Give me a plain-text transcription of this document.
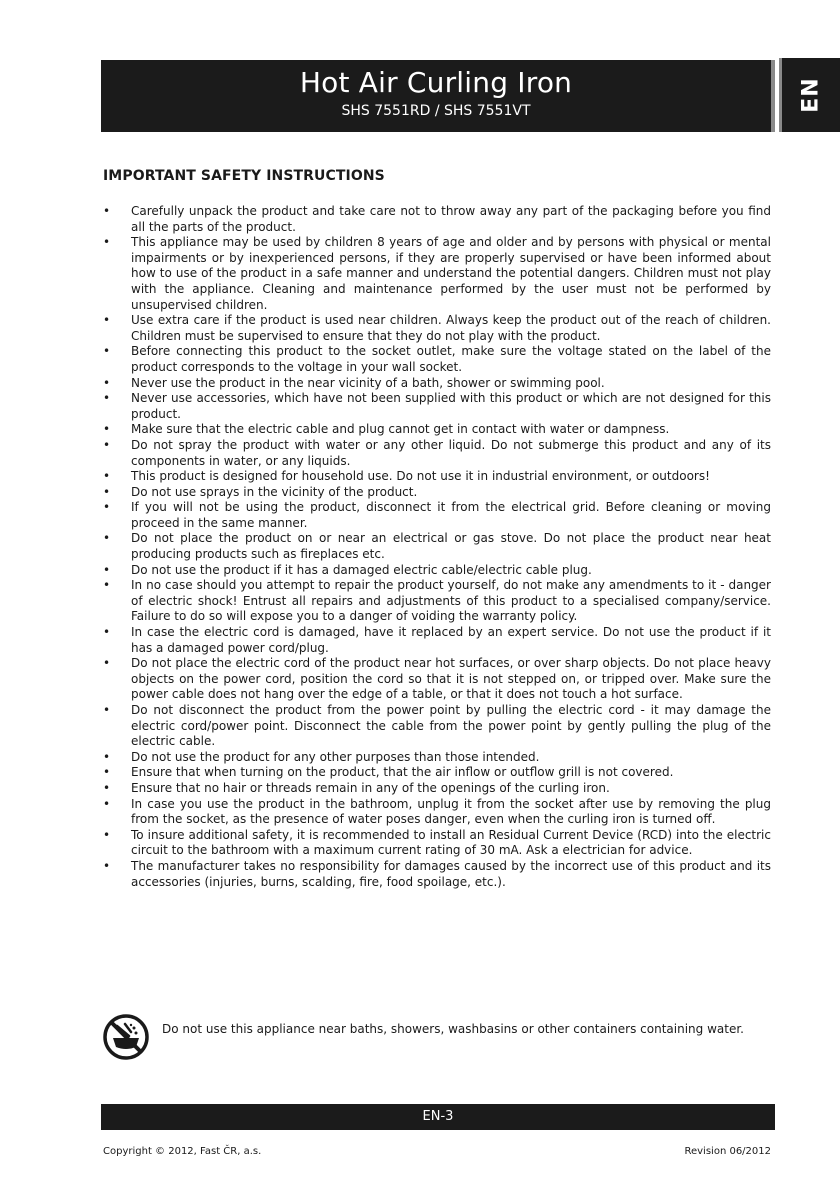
Hot Air Curling Iron
SHS 7551RD / SHS 7551VT	EN
IMPORTANT SAFETY INSTRUCTIONS
• Carefully unpack the product and take care not to throw away any part of the packaging before you find all the parts of the product.
• This appliance may be used by children 8 years of age and older and by persons with physical or mental impairments or by inexperienced persons, if they are properly supervised or have been informed about how to use of the product in a safe manner and understand the potential dangers. Children must not play with the appliance. Cleaning and maintenance performed by the user must not be performed by unsupervised children.
• Use extra care if the product is used near children. Always keep the product out of the reach of children. Children must be supervised to ensure that they do not play with the product.
• Before connecting this product to the socket outlet, make sure the voltage stated on the label of the product corresponds to the voltage in your wall socket.
• Never use the product in the near vicinity of a bath, shower or swimming pool.
• Never use accessories, which have not been supplied with this product or which are not designed for this product.
• Make sure that the electric cable and plug cannot get in contact with water or dampness.
• Do not spray the product with water or any other liquid. Do not submerge this product and any of its components in water, or any liquids.
• This product is designed for household use. Do not use it in industrial environment, or outdoors!
• Do not use sprays in the vicinity of the product.
• If you will not be using the product, disconnect it from the electrical grid. Before cleaning or moving proceed in the same manner.
• Do not place the product on or near an electrical or gas stove. Do not place the product near heat producing products such as fireplaces etc.
• Do not use the product if it has a damaged electric cable/electric cable plug.
• In no case should you attempt to repair the product yourself, do not make any amendments to it - danger of electric shock! Entrust all repairs and adjustments of this product to a specialised company/service. Failure to do so will expose you to a danger of voiding the warranty policy.
• In case the electric cord is damaged, have it replaced by an expert service. Do not use the product if it has a damaged power cord/plug.
• Do not place the electric cord of the product near hot surfaces, or over sharp objects. Do not place heavy objects on the power cord, position the cord so that it is not stepped on, or tripped over. Make sure the power cable does not hang over the edge of a table, or that it does not touch a hot surface.
• Do not disconnect the product from the power point by pulling the electric cord - it may damage the electric cord/power point. Disconnect the cable from the power point by gently pulling the plug of the electric cable.
• Do not use the product for any other purposes than those intended.
• Ensure that when turning on the product, that the air inflow or outflow grill is not covered.
• Ensure that no hair or threads remain in any of the openings of the curling iron.
• In case you use the product in the bathroom, unplug it from the socket after use by removing the plug from the socket, as the presence of water poses danger, even when the curling iron is turned off.
• To insure additional safety, it is recommended to install an Residual Current Device (RCD) into the electric circuit to the bathroom with a maximum current rating of 30 mA. Ask a electrician for advice.
• The manufacturer takes no responsibility for damages caused by the incorrect use of this product and its accessories (injuries, burns, scalding, fire, food spoilage, etc.).
Do not use this appliance near baths, showers, washbasins or other containers containing water.
EN-3
Copyright © 2012, Fast ČR, a.s.	Revision 06/2012
